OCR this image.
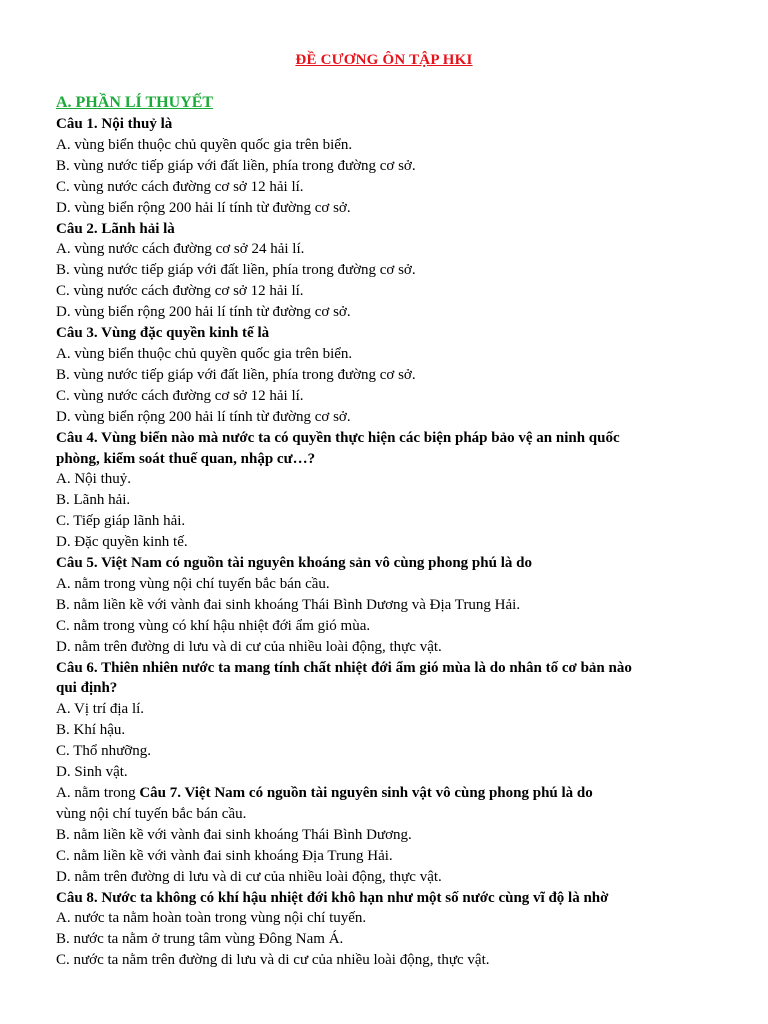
ĐỀ CƯƠNG ÔN TẬP HKI
A. PHẦN LÍ THUYẾT
Câu 1. Nội thuỷ là
A. vùng biển thuộc chủ quyền quốc gia trên biển.
B. vùng nước tiếp giáp với đất liền, phía trong đường cơ sở.
C. vùng nước cách đường cơ sở 12 hải lí.
D. vùng biển rộng 200 hải lí tính từ đường cơ sở.
Câu 2. Lãnh hải là
A. vùng nước cách đường cơ sở 24 hải lí.
B. vùng nước tiếp giáp với đất liền, phía trong đường cơ sở.
C. vùng nước cách đường cơ sở 12 hải lí.
D. vùng biển rộng 200 hải lí tính từ đường cơ sở.
Câu 3. Vùng đặc quyền kinh tế là
A. vùng biển thuộc chủ quyền quốc gia trên biển.
B. vùng nước tiếp giáp với đất liền, phía trong đường cơ sở.
C. vùng nước cách đường cơ sở 12 hải lí.
D. vùng biển rộng 200 hải lí tính từ đường cơ sở.
Câu 4. Vùng biển nào mà nước ta có quyền thực hiện các biện pháp bảo vệ an ninh quốc
phòng, kiểm soát thuế quan, nhập cư…?
A. Nội thuỷ.
B. Lãnh hải.
C. Tiếp giáp lãnh hải.
D. Đặc quyền kinh tế.
Câu 5. Việt Nam có nguồn tài nguyên khoáng sản vô cùng phong phú là do
A. nằm trong vùng nội chí tuyến bắc bán cầu.
B. nằm liền kề với vành đai sinh khoáng Thái Bình Dương và Địa Trung Hải.
C. nằm trong vùng có khí hậu nhiệt đới ẩm gió mùa.
D. nằm trên đường di lưu và di cư của nhiều loài động, thực vật.
Câu 6. Thiên nhiên nước ta mang tính chất nhiệt đới ẩm gió mùa là do nhân tố cơ bản nào
qui định?
A. Vị trí địa lí.
B. Khí hậu.
C. Thổ nhưỡng.
D. Sinh vật.
A. nằm trong Câu 7. Việt Nam có nguồn tài nguyên sinh vật vô cùng phong phú là do
vùng nội chí tuyến bắc bán cầu.
B. nằm liền kề với vành đai sinh khoáng Thái Bình Dương.
C. nằm liền kề với vành đai sinh khoáng Địa Trung Hải.
D. nằm trên đường di lưu và di cư của nhiều loài động, thực vật.
Câu 8. Nước ta không có khí hậu nhiệt đới khô hạn như một số nước cùng vĩ độ là nhờ
A. nước ta nằm hoàn toàn trong vùng nội chí tuyến.
B. nước ta nằm ở trung tâm vùng Đông Nam Á.
C. nước ta nằm trên đường di lưu và di cư của nhiều loài động, thực vật.
